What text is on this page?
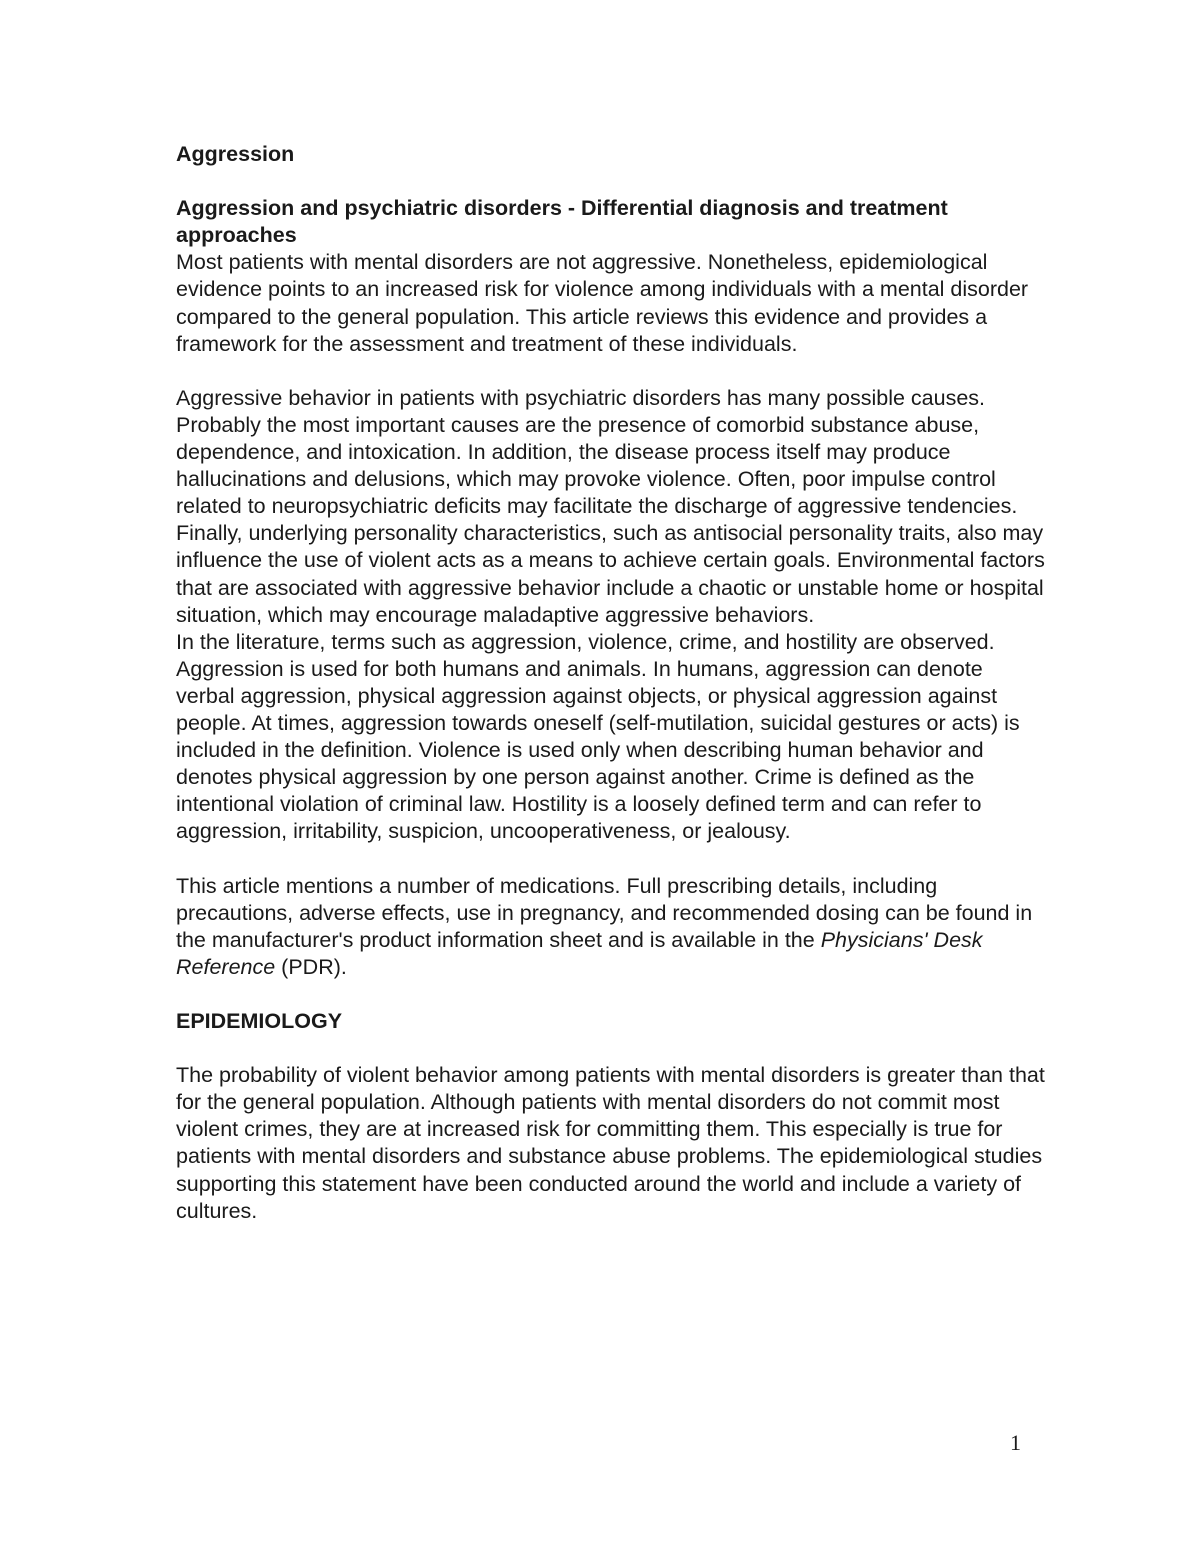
Aggression
Aggression and psychiatric disorders - Differential diagnosis and treatment approaches

Most patients with mental disorders are not aggressive. Nonetheless, epidemiological evidence points to an increased risk for violence among individuals with a mental disorder compared to the general population. This article reviews this evidence and provides a framework for the assessment and treatment of these individuals.

Aggressive behavior in patients with psychiatric disorders has many possible causes. Probably the most important causes are the presence of comorbid substance abuse, dependence, and intoxication. In addition, the disease process itself may produce hallucinations and delusions, which may provoke violence. Often, poor impulse control related to neuropsychiatric deficits may facilitate the discharge of aggressive tendencies. Finally, underlying personality characteristics, such as antisocial personality traits, also may influence the use of violent acts as a means to achieve certain goals. Environmental factors that are associated with aggressive behavior include a chaotic or unstable home or hospital situation, which may encourage maladaptive aggressive behaviors.

In the literature, terms such as aggression, violence, crime, and hostility are observed. Aggression is used for both humans and animals. In humans, aggression can denote verbal aggression, physical aggression against objects, or physical aggression against people. At times, aggression towards oneself (self-mutilation, suicidal gestures or acts) is included in the definition. Violence is used only when describing human behavior and denotes physical aggression by one person against another. Crime is defined as the intentional violation of criminal law. Hostility is a loosely defined term and can refer to aggression, irritability, suspicion, uncooperativeness, or jealousy.

This article mentions a number of medications. Full prescribing details, including precautions, adverse effects, use in pregnancy, and recommended dosing can be found in the manufacturer's product information sheet and is available in the Physicians' Desk Reference (PDR).

EPIDEMIOLOGY

The probability of violent behavior among patients with mental disorders is greater than that for the general population. Although patients with mental disorders do not commit most violent crimes, they are at increased risk for committing them. This especially is true for patients with mental disorders and substance abuse problems. The epidemiological studies supporting this statement have been conducted around the world and include a variety of cultures.

1
